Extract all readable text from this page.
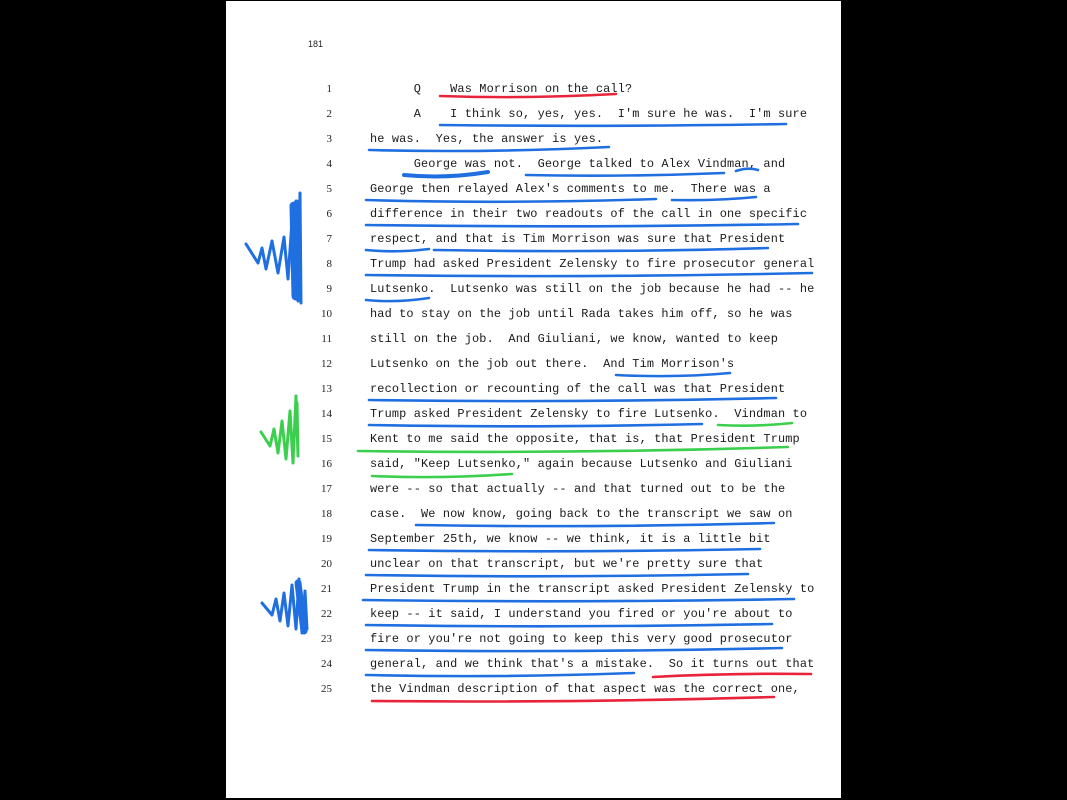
181
1	Q    Was Morrison on the call?
2	A    I think so, yes, yes.  I'm sure he was.  I'm sure
3	he was.  Yes, the answer is yes.
4	George was not.  George talked to Alex Vindman, and
5	George then relayed Alex's comments to me.  There was a
6	difference in their two readouts of the call in one specific
7	respect, and that is Tim Morrison was sure that President
8	Trump had asked President Zelensky to fire prosecutor general
9	Lutsenko.  Lutsenko was still on the job because he had -- he
10	had to stay on the job until Rada takes him off, so he was
11	still on the job.  And Giuliani, we know, wanted to keep
12	Lutsenko on the job out there.  And Tim Morrison's
13	recollection or recounting of the call was that President
14	Trump asked President Zelensky to fire Lutsenko.  Vindman to
15	Kent to me said the opposite, that is, that President Trump
16	said, "Keep Lutsenko," again because Lutsenko and Giuliani
17	were -- so that actually -- and that turned out to be the
18	case.  We now know, going back to the transcript we saw on
19	September 25th, we know -- we think, it is a little bit
20	unclear on that transcript, but we're pretty sure that
21	President Trump in the transcript asked President Zelensky to
22	keep -- it said, I understand you fired or you're about to
23	fire or you're not going to keep this very good prosecutor
24	general, and we think that's a mistake.  So it turns out that
25	the Vindman description of that aspect was the correct one,
